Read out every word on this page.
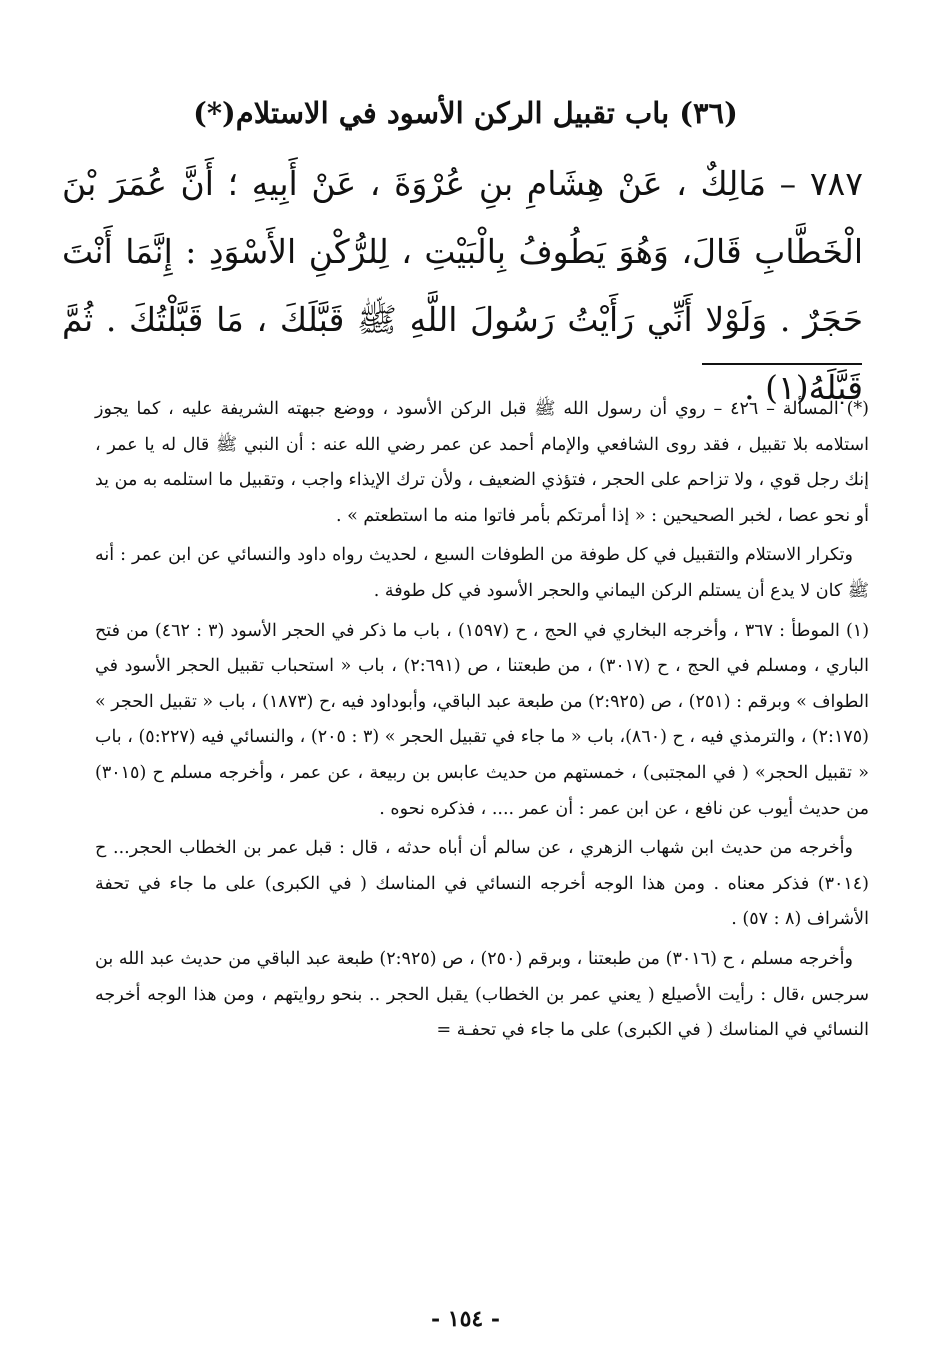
(٣٦) باب تقبيل الركن الأسود في الاستلام(*)

٧٨٧ – مَالِكٌ ، عَنْ هِشَامِ بنِ عُرْوَةَ ، عَنْ أَبِيهِ ؛ أَنَّ عُمَرَ بْنَ الْخَطَّابِ قَالَ، وَهُوَ يَطُوفُ بِالْبَيْتِ ، لِلرُّكْنِ الأَسْوَدِ : إِنَّمَا أَنْتَ حَجَرٌ . وَلَوْلا أَنِّي رَأَيْتُ رَسُولَ اللَّهِ ﷺ قَبَّلَكَ ، مَا قَبَّلْتُكَ . ثُمَّ قَبَّلَهُ(١) .

(*) المسألة – ٤٢٦ – روي أن رسول الله ﷺ قبل الركن الأسود ، ووضع جبهته الشريفة عليه ، كما يجوز استلامه بلا تقبيل ، فقد روى الشافعي والإمام أحمد عن عمر رضي الله عنه : أن النبي ﷺ قال له يا عمر ، إنك رجل قوي ، ولا تزاحم على الحجر ، فتؤذي الضعيف ، ولأن ترك الإيذاء واجب ، وتقبيل ما استلمه به من يد أو نحو عصا ، لخبر الصحيحين : « إذا أمرتكم بأمر فاتوا منه ما استطعتم » .

وتكرار الاستلام والتقبيل في كل طوفة من الطوفات السبع ، لحديث رواه داود والنسائي عن ابن عمر : أنه ﷺ كان لا يدع أن يستلم الركن اليماني والحجر الأسود في كل طوفة .

(١) الموطأ : ٣٦٧ ، وأخرجه البخاري في الحج ، ح (١٥٩٧) ، باب ما ذكر في الحجر الأسود (٣ : ٤٦٢) من فتح الباري ، ومسلم في الحج ، ح (٣٠١٧) ، من طبعتنا ، ص (٢:٦٩١) ، باب « استحباب تقبيل الحجر الأسود في الطواف » وبرقم : (٢٥١) ، ص (٢:٩٢٥) من طبعة عبد الباقي، وأبوداود فيه ،ح (١٨٧٣) ، باب « تقبيل الحجر » (٢:١٧٥) ، والترمذي فيه ، ح (٨٦٠)، باب « ما جاء في تقبيل الحجر » (٣ : ٢٠٥) ، والنسائي فيه (٥:٢٢٧) ، باب « تقبيل الحجر» ( في المجتبى) ، خمستهم من حديث عابس بن ربيعة ، عن عمر ، وأخرجه مسلم ح (٣٠١٥) من حديث أيوب عن نافع ، عن ابن عمر : أن عمر .... ، فذكره نحوه .

وأخرجه من حديث ابن شهاب الزهري ، عن سالم أن أباه حدثه ، قال : قبل عمر بن الخطاب الحجر... ح (٣٠١٤) فذكر معناه . ومن هذا الوجه أخرجه النسائي في المناسك ( في الكبرى) على ما جاء في تحفة الأشراف (٨ : ٥٧) .

وأخرجه مسلم ، ح (٣٠١٦) من طبعتنا ، وبرقم (٢٥٠) ، ص (٢:٩٢٥) طبعة عبد الباقي من حديث عبد الله بن سرجس ،قال : رأيت الأصيلع ( يعني عمر بن الخطاب) يقبل الحجر .. بنحو روايتهم ، ومن هذا الوجه أخرجه النسائي في المناسك ( في الكبرى) على ما جاء في تحفـة =

- ١٥٤ -
